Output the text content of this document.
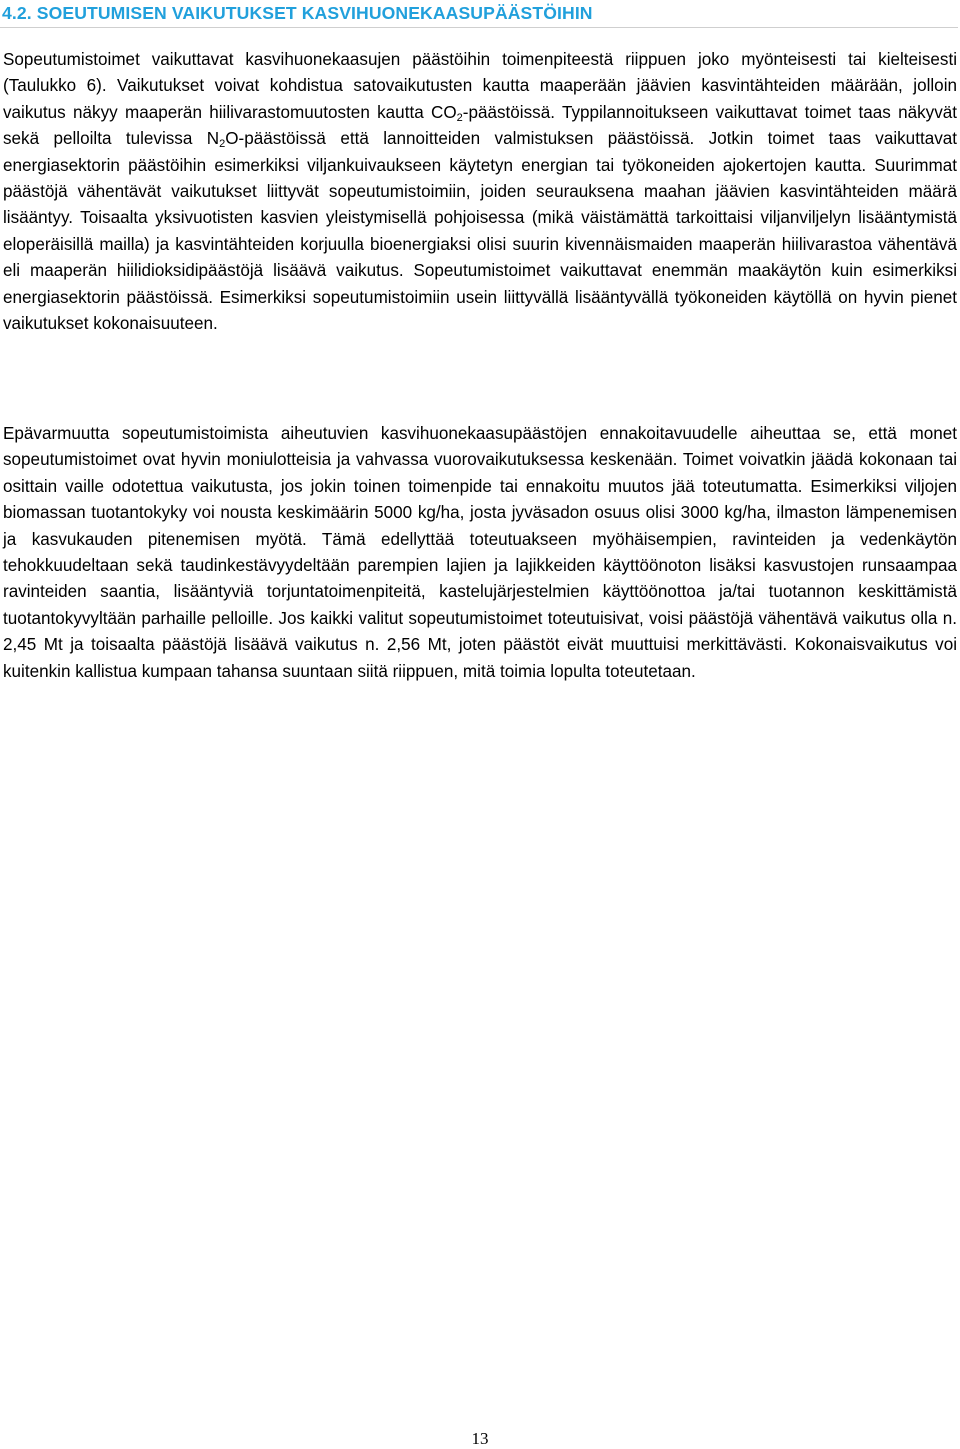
4.2. SOEUTUMISEN VAIKUTUKSET KASVIHUONEKAASUPÄÄSTÖIHIN

Sopeutumistoimet vaikuttavat kasvihuonekaasujen päästöihin toimenpiteestä riippuen joko myönteisesti tai kielteisesti (Taulukko 6). Vaikutukset voivat kohdistua satovaikutusten kautta maaperään jäävien kasvintähteiden määrään, jolloin vaikutus näkyy maaperän hiilivarastomuutosten kautta $CO_2$-päästöissä. Typpilannoitukseen vaikuttavat toimet taas näkyvät sekä pelloilta tulevissa $N_2O$-päästöissä että lannoitteiden valmistuksen päästöissä. Jotkin toimet taas vaikuttavat energiasektorin päästöihin esimerkiksi viljankuivaukseen käytetyn energian tai työkoneiden ajokertojen kautta. Suurimmat päästöjä vähentävät vaikutukset liittyvät sopeutumistoimiin, joiden seurauksena maahan jäävien kasvintähteiden määrä lisääntyy. Toisaalta yksivuotisten kasvien yleistymisellä pohjoisessa (mikä väistämättä tarkoittaisi viljanviljelyn lisääntymistä eloperäisillä mailla) ja kasvintähteiden korjuulla bioenergiaksi olisi suurin kivennäismaiden maaperän hiilivarastoa vähentävä eli maaperän hiilidioksidipäästöjä lisäävä vaikutus. Sopeutumistoimet vaikuttavat enemmän maakäytön kuin esimerkiksi energiasektorin päästöissä. Esimerkiksi sopeutumistoimiin usein liittyvällä lisääntyvällä työkoneiden käytöllä on hyvin pienet vaikutukset kokonaisuuteen.

Epävarmuutta sopeutumistoimista aiheutuvien kasvihuonekaasupäästöjen ennakoitavuudelle aiheuttaa se, että monet sopeutumistoimet ovat hyvin moniulotteisia ja vahvassa vuorovaikutuksessa keskenään. Toimet voivatkin jäädä kokonaan tai osittain vaille odotettua vaikutusta, jos jokin toinen toimenpide tai ennakoitu muutos jää toteutumatta. Esimerkiksi viljojen biomassan tuotantokyky voi nousta keskimäärin 5000 kg/ha, josta jyväsadon osuus olisi 3000 kg/ha, ilmaston lämpenemisen ja kasvukauden pitenemisen myötä. Tämä edellyttää toteutuakseen myöhäisempien, ravinteiden ja vedenkäytön tehokkuudeltaan sekä taudinkestävyydeltään parempien lajien ja lajikkeiden käyttöönoton lisäksi kasvustojen runsaampaa ravinteiden saantia, lisääntyviä torjuntatoimenpiteitä, kastelujärjestelmien käyttöönottoa ja/tai tuotannon keskittämistä tuotantokyvyltään parhaille pelloille. Jos kaikki valitut sopeutumistoimet toteutuisivat, voisi päästöjä vähentävä vaikutus olla n. 2,45 Mt ja toisaalta päästöjä lisäävä vaikutus n. 2,56 Mt, joten päästöt eivät muuttuisi merkittävästi. Kokonaisvaikutus voi kuitenkin kallistua kumpaan tahansa suuntaan siitä riippuen, mitä toimia lopulta toteutetaan.

13
